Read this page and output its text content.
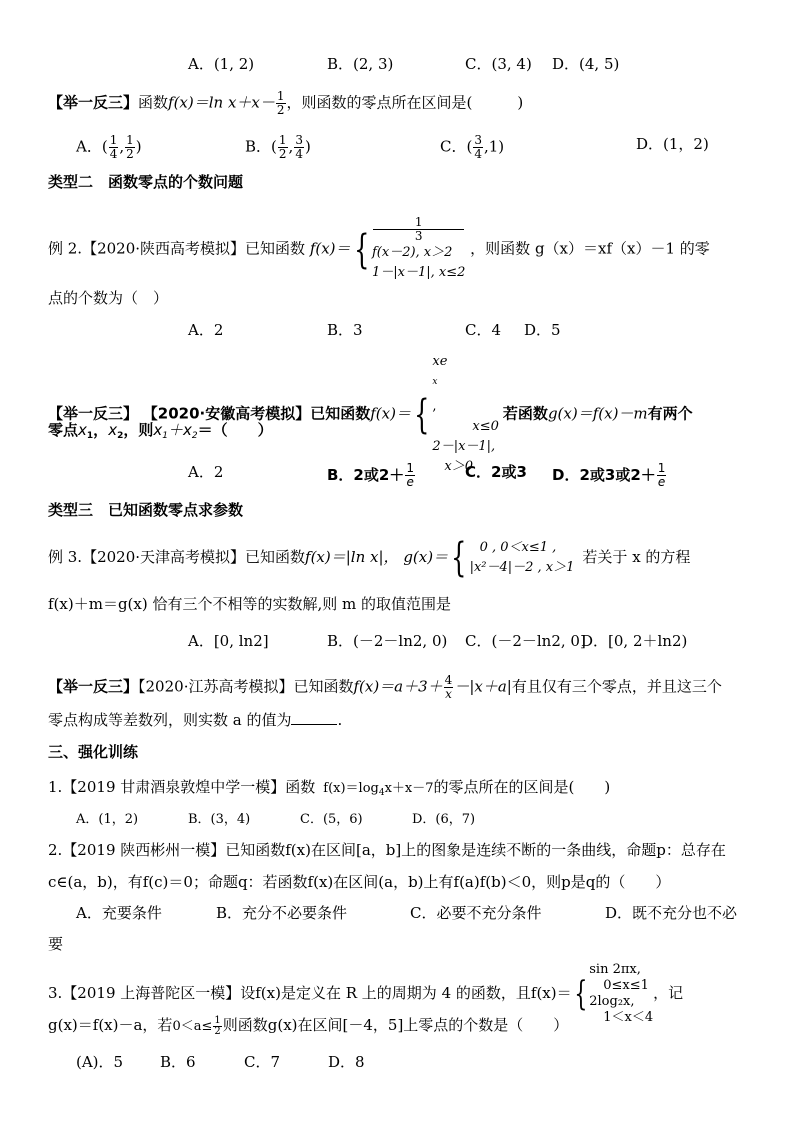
A．(1, 2)	B．(2, 3)	C．(3, 4) D．(4, 5)
【举一反三】函数f(x)＝ln $x+x- \frac{1}{2}$ ，则函数的零点所在区间是(　　　)
A．( $\frac{1}{4}$ , $\frac{1}{2}$ )	B．( $\frac{1}{2}$ , $\frac{3}{4}$ )	C．( $\frac{3}{4} ,1$)	D．(1，2)
类型二　函数零点的个数问题
例 2.【2020·陕西高考模拟】已知函数 f(x)＝{
1
3
f(x－2), x＞2
1－|x－1|, x≤2
，则函数 g（x）＝xf（x）－1 的零
点的个数为（　）
A．2	B．3	C．4 D．5
【举一反三】 【2020·安徽高考模拟】已知函数f(x)＝{
xe
$^x$
,
x≤0
2－|x－1|,
x＞0
若函数g(x)＝f(x)－m有两个
零点$x_1$，$x_2$，则$x_1+x_2=$（　　）
A．2	B．2或$2+ \frac{1}{e}$	C．2或3 D．2或3或$2+ \frac{1}{e}$
类型三　已知函数零点求参数
例 3.【2020·天津高考模拟】已知函数f(x)＝|ln x|， g(x)＝{	0 , 0＜x≤1 ,
|x²－4|－2 , x＞1
若关于 x 的方程
f(x)＋m＝g(x) 恰有三个不相等的实数解,则 m 的取值范围是
A．[0, ln2]	B．(－2－ln2, 0) C．(－2－ln2, 0]
D．[0, 2＋ln2)
【举一反三】【2020·江苏高考模拟】已知函数$f(x)=a+3+ \frac{4}{x} -|x+a|$有且仅有三个零点，并且这三个
零点构成等差数列，则实数 a 的值为	.
三、强化训练
1.【2019 甘肃酒泉敦煌中学一模】函数 $f(x)=\log_4x+x-7$的零点所在的区间是(　　)
A．(1，2)	B．(3，4)	C．(5，6)	D．(6，7)
2.【2019 陕西彬州一模】已知函数f(x)在区间[a，b]上的图象是连续不断的一条曲线，命题p：总存在
c∈(a，b)，有f(c)＝0；命题q：若函数f(x)在区间(a，b)上有f(a)f(b)＜0，则p是q的（　　）
A．充要条件	B．充分不必要条件	C．必要不充分条件	D．既不充分也不必
要
3.【2019 上海普陀区一模】设f(x)是定义在 R 上的周期为 4 的函数，且f(x)＝{
sin 2πx,
0≤x≤1
2log₂x,
1＜x＜4
，记
g(x)＝f(x)－a，若$0<a\le \frac{1}{2}$ 则函数g(x)在区间[－4，5]上零点的个数是（　　）
(A)．5 B．6	C．7	D．8
